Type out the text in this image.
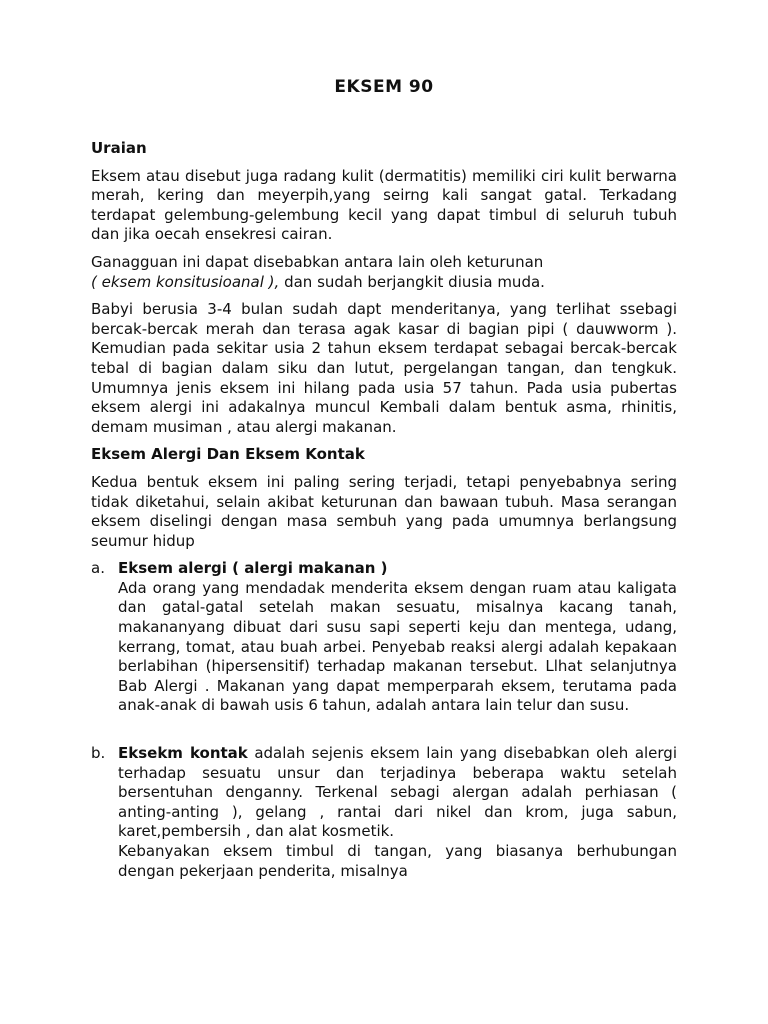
EKSEM 90
Uraian

Eksem atau disebut juga radang kulit (dermatitis) memiliki ciri kulit berwarna merah, kering dan meyerpih,yang seirng kali sangat gatal. Terkadang terdapat gelembung-gelembung kecil yang dapat timbul di seluruh tubuh dan jika oecah ensekresi cairan.

Ganagguan ini dapat disebabkan antara lain oleh keturunan
( eksem konsitusioanal ), dan sudah berjangkit diusia muda.

Babyi berusia 3-4 bulan sudah dapt menderitanya, yang terlihat ssebagi bercak-bercak merah dan terasa agak kasar di bagian pipi ( dauwworm ). Kemudian pada sekitar usia 2 tahun eksem terdapat sebagai bercak-bercak tebal di bagian dalam siku dan lutut, pergelangan tangan, dan tengkuk. Umumnya jenis eksem ini hilang pada usia 57 tahun. Pada usia pubertas eksem alergi ini adakalnya muncul Kembali dalam bentuk asma, rhinitis, demam musiman , atau alergi makanan.

Eksem Alergi Dan Eksem Kontak

Kedua bentuk eksem ini paling sering terjadi, tetapi penyebabnya sering tidak diketahui, selain akibat keturunan dan bawaan tubuh. Masa serangan eksem diselingi dengan masa sembuh yang pada umumnya berlangsung seumur hidup

a. Eksem alergi ( alergi makanan )

Ada orang yang mendadak menderita eksem dengan ruam atau kaligata dan gatal-gatal setelah makan sesuatu, misalnya kacang tanah, makananyang dibuat dari susu sapi seperti keju dan mentega, udang, kerrang, tomat, atau buah arbei. Penyebab reaksi alergi adalah kepakaan berlabihan (hipersensitif) terhadap makanan tersebut. Llhat selanjutnya Bab Alergi . Makanan yang dapat memperparah eksem, terutama pada anak-anak di bawah usis 6 tahun, adalah antara lain telur dan susu.

b. Eksekm kontak adalah sejenis eksem lain yang disebabkan oleh alergi terhadap sesuatu unsur dan terjadinya beberapa waktu setelah bersentuhan denganny. Terkenal sebagi alergan adalah perhiasan ( anting-anting ), gelang , rantai dari nikel dan krom, juga sabun, karet,pembersih , dan alat kosmetik.

Kebanyakan eksem timbul di tangan, yang biasanya berhubungan dengan pekerjaan penderita, misalnya
